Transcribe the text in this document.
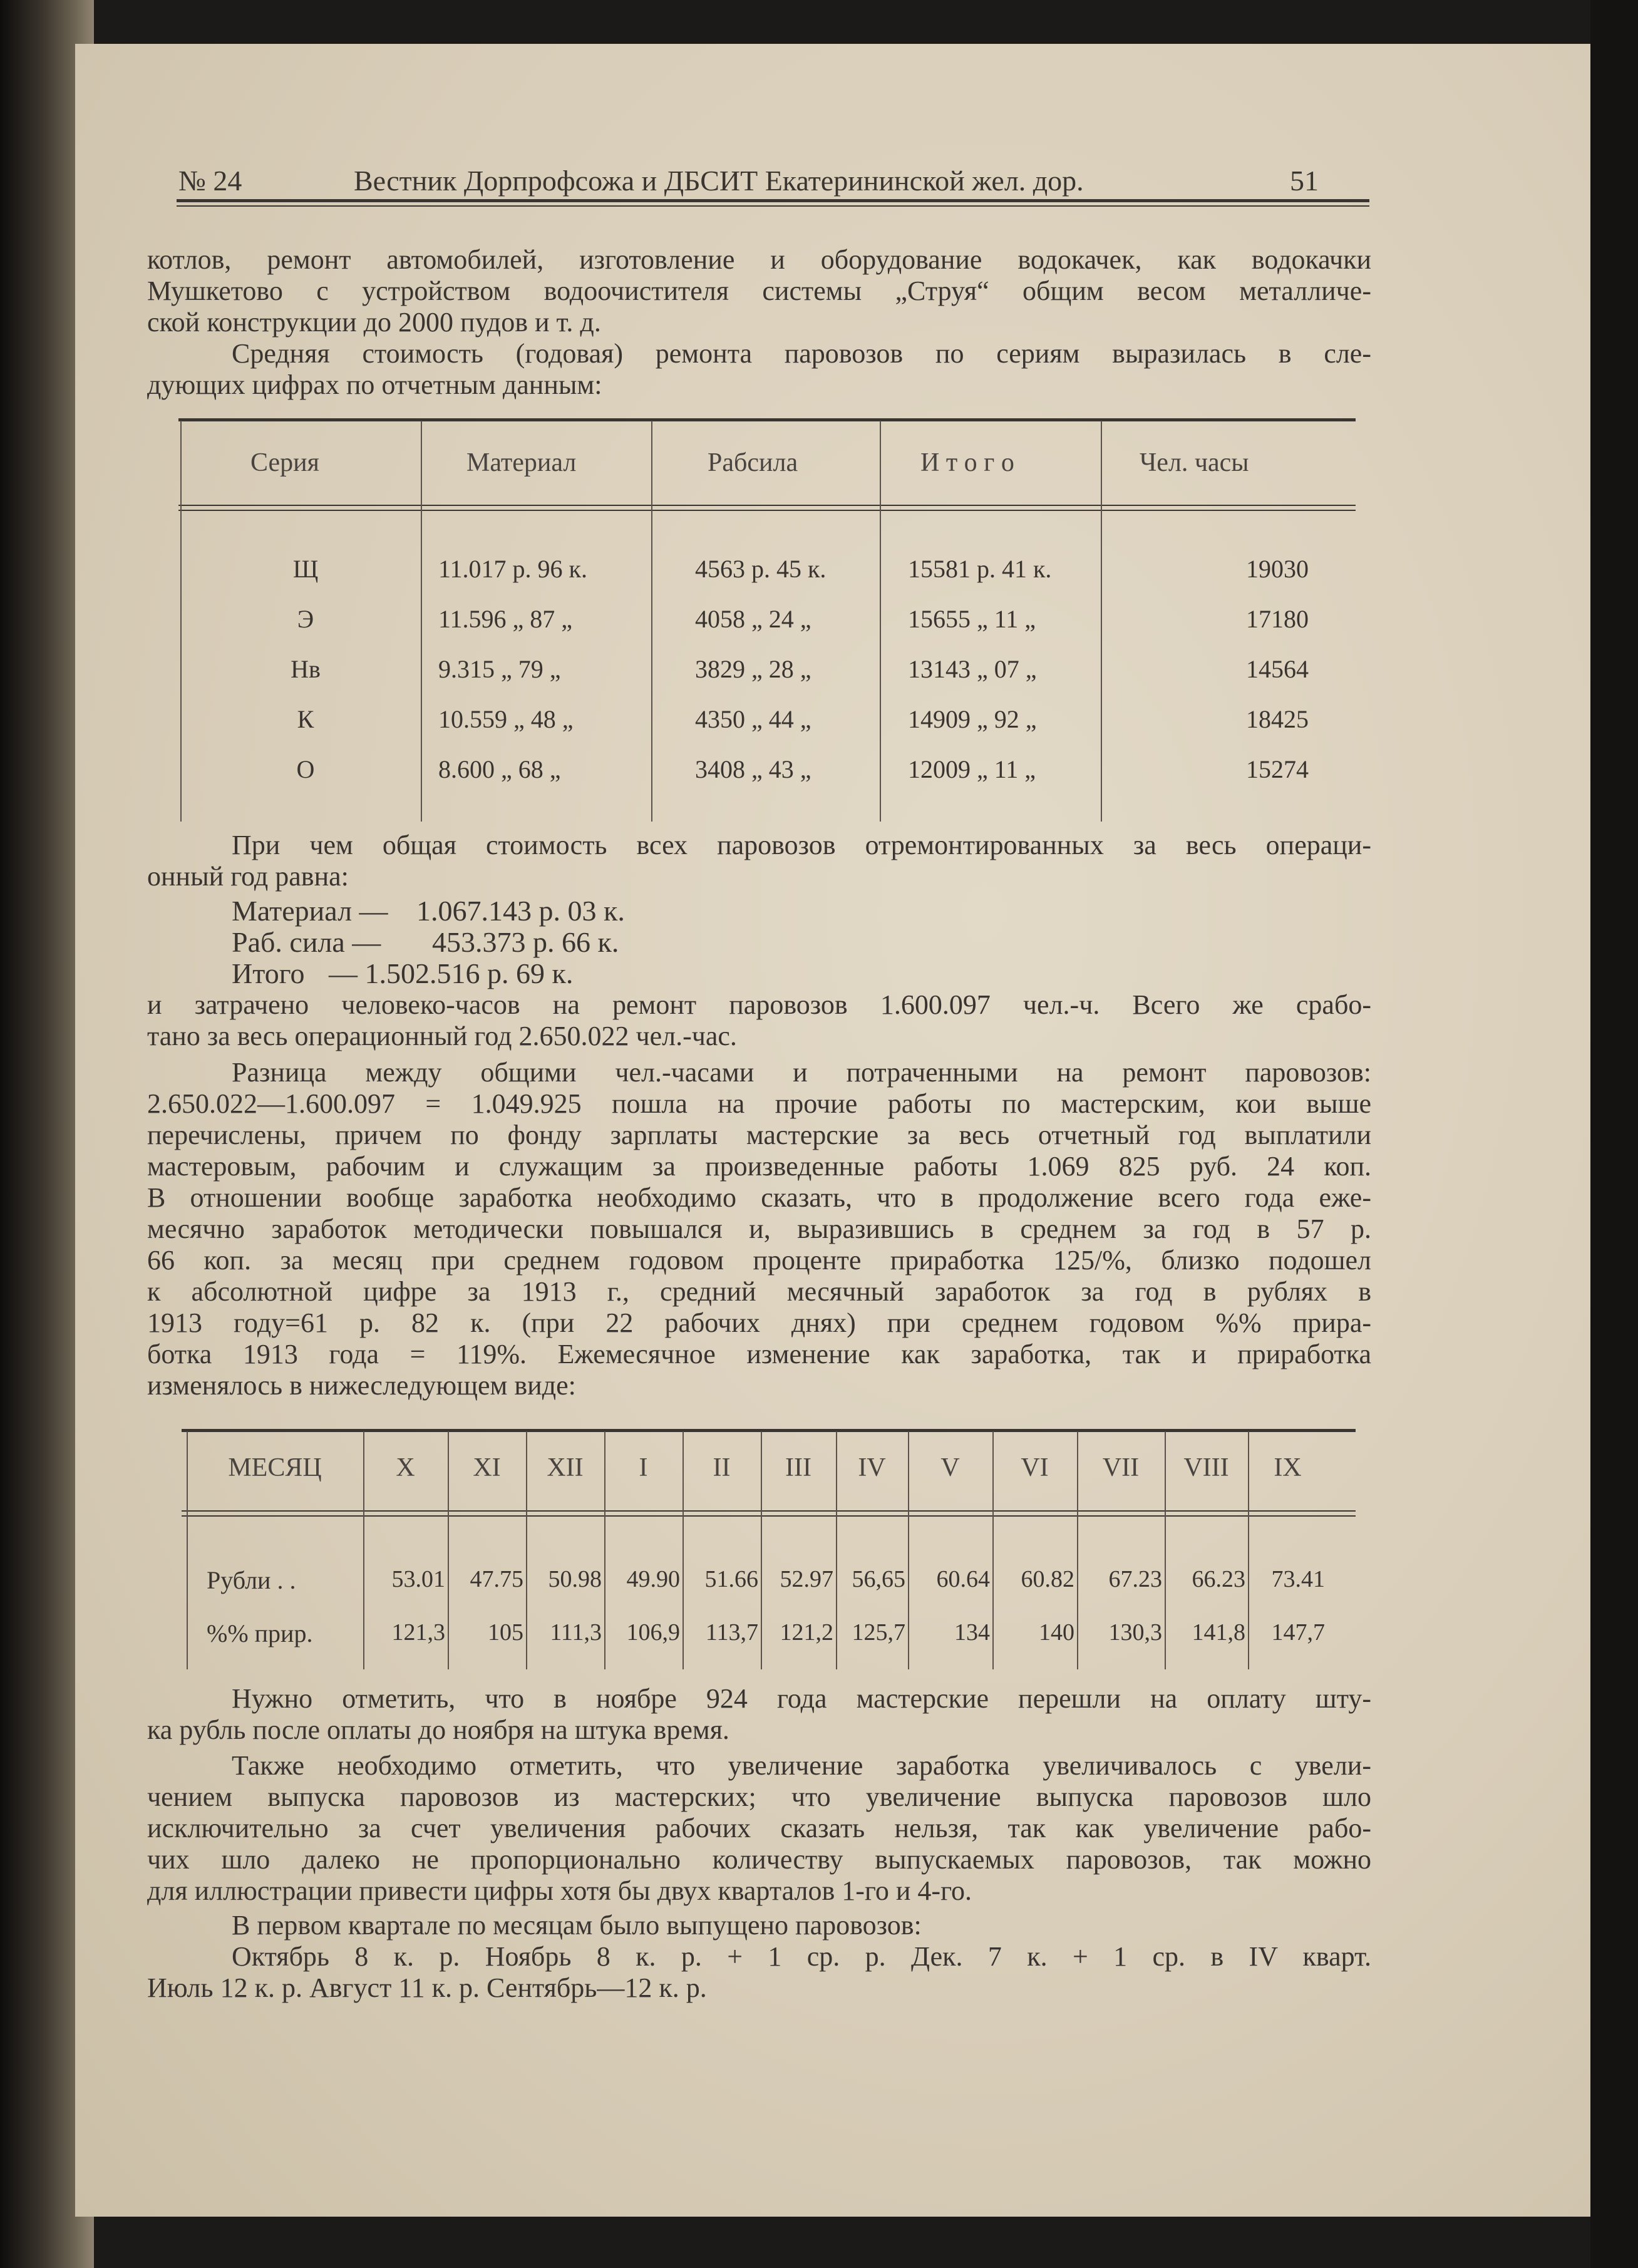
№ 24	Вестник Дорпрофсожа и ДБСИТ Екатерининской жел. дор.	51
котлов, ремонт автомобилей, изготовление и оборудование водокачек, как водокачки
Мушкетово с устройством водоочистителя системы „Струя“ общим весом металличе-
ской конструкции до 2000 пудов и т. д.
Средняя стоимость (годовая) ремонта паровозов по сериям выразилась в сле-
дующих цифрах по отчетным данным:
Серия	Материал	Рабсила	И т о г о	Чел. часы
Щ	11.017 р. 96 к.	4563 р. 45 к.	15581 р. 41 к.	19030
Э	11.596 „ 87 „	4058 „ 24 „	15655 „ 11 „	17180
Нв	9.315 „ 79 „	3829 „ 28 „	13143 „ 07 „	14564
К	10.559 „ 48 „	4350 „ 44 „	14909 „ 92 „	18425
О	8.600 „ 68 „	3408 „ 43 „	12009 „ 11 „	15274
При чем общая стоимость всех паровозов отремонтированных за весь операци-
онный год равна:
Материал — 1.067.143 р. 03 к.
Раб. сила — 453.373 р. 66 к.
Итого — 1.502.516 р. 69 к.
и затрачено человеко-часов на ремонт паровозов 1.600.097 чел.-ч. Всего же срабо-
тано за весь операционный год 2.650.022 чел.-час.
Разница между общими чел.-часами и потраченными на ремонт паровозов:
2.650.022—1.600.097 = 1.049.925 пошла на прочие работы по мастерским, кои выше
перечислены, причем по фонду зарплаты мастерские за весь отчетный год выплатили
мастеровым, рабочим и служащим за произведенные работы 1.069 825 руб. 24 коп.
В отношении вообще заработка необходимо сказать, что в продолжение всего года еже-
месячно заработок методически повышался и, выразившись в среднем за год в 57 р.
66 коп. за месяц при среднем годовом проценте приработка 125/%, близко подошел
к абсолютной цифре за 1913 г., средний месячный заработок за год в рублях в
1913 году=61 р. 82 к. (при 22 рабочих днях) при среднем годовом %% прира-
ботка 1913 года = 119%. Ежемесячное изменение как заработка, так и приработка
изменялось в нижеследующем виде:
МЕСЯЦ	X	XI	XII	I	II	III	IV	V	VI	VII	VIII	IX
Рубли . .	53.01	47.75	50.98	49.90	51.66 52.97 56,65	60.64	60.82	67.23	66.23	73.41
%% прир.	121,3	105	111,3	106,9	113,7 121,2 125,7	134	140	130,3	141,8	147,7
Нужно отметить, что в ноябре 924 года мастерские перешли на оплату шту-
ка рубль после оплаты до ноября на штука время.
Также необходимо отметить, что увеличение заработка увеличивалось с увели-
чением выпуска паровозов из мастерских; что увеличение выпуска паровозов шло
исключительно за счет увеличения рабочих сказать нельзя, так как увеличение рабо-
чих шло далеко не пропорционально количеству выпускаемых паровозов, так можно
для иллюстрации привести цифры хотя бы двух кварталов 1-го и 4-го.
В первом квартале по месяцам было выпущено паровозов:
Октябрь 8 к. р. Ноябрь 8 к. р. + 1 ср. р. Дек. 7 к. + 1 ср. в IV кварт.
Июль 12 к. р. Август 11 к. р. Сентябрь—12 к. р.
